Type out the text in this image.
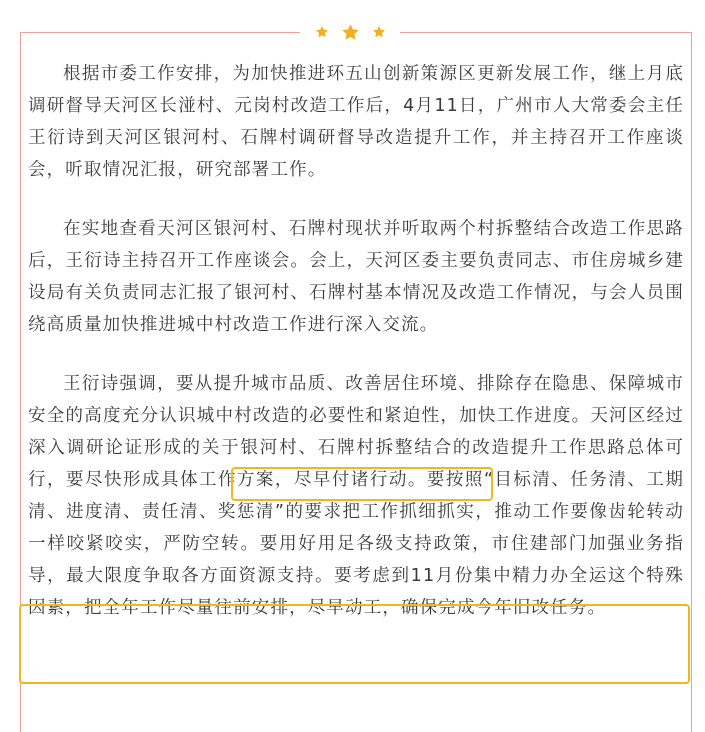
根据市委工作安排，为加快推进环五山创新策源区更新发展工作，继上月底调研督导天河区长湴村、元岗村改造工作后，4月11日，广州市人大常委会主任王衍诗到天河区银河村、石牌村调研督导改造提升工作，并主持召开工作座谈会，听取情况汇报，研究部署工作。

在实地查看天河区银河村、石牌村现状并听取两个村拆整结合改造工作思路后，王衍诗主持召开工作座谈会。会上，天河区委主要负责同志、市住房城乡建设局有关负责同志汇报了银河村、石牌村基本情况及改造工作情况，与会人员围绕高质量加快推进城中村改造工作进行深入交流。

王衍诗强调，要从提升城市品质、改善居住环境、排除存在隐患、保障城市安全的高度充分认识城中村改造的必要性和紧迫性，加快工作进度。天河区经过深入调研论证形成的关于银河村、石牌村拆整结合的改造提升工作思路总体可行，要尽快形成具体工作方案，尽早付诸行动。要按照“目标清、任务清、工期清、进度清、责任清、奖惩清”的要求把工作抓细抓实，推动工作要像齿轮转动一样咬紧咬实，严防空转。要用好用足各级支持政策，市住建部门加强业务指导，最大限度争取各方面资源支持。要考虑到11月份集中精力办全运这个特殊因素，把全年工作尽量往前安排，尽早动工，确保完成今年旧改任务。
